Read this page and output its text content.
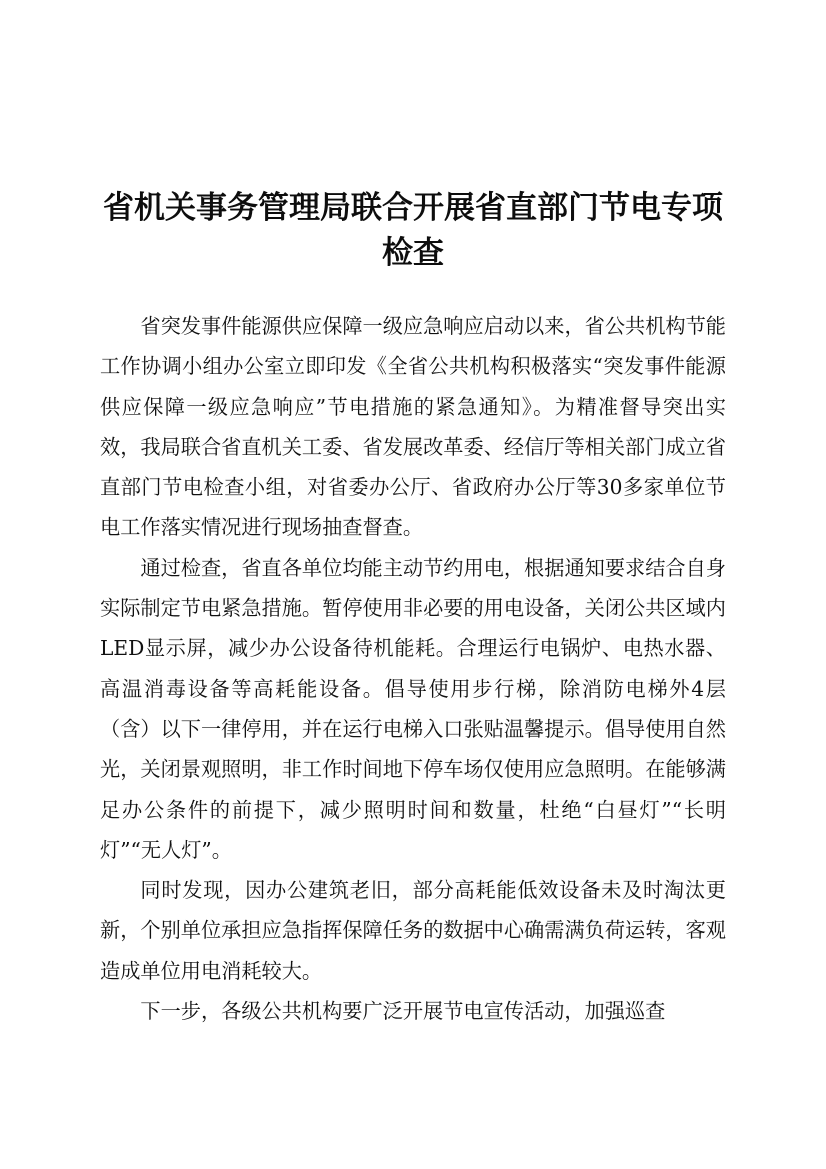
省机关事务管理局联合开展省直部门节电专项检查

省突发事件能源供应保障一级应急响应启动以来，省公共机构节能工作协调小组办公室立即印发《全省公共机构积极落实“突发事件能源供应保障一级应急响应”节电措施的紧急通知》。为精准督导突出实效，我局联合省直机关工委、省发展改革委、经信厅等相关部门成立省直部门节电检查小组，对省委办公厅、省政府办公厅等30多家单位节电工作落实情况进行现场抽查督查。

通过检查，省直各单位均能主动节约用电，根据通知要求结合自身实际制定节电紧急措施。暂停使用非必要的用电设备，关闭公共区域内LED显示屏，减少办公设备待机能耗。合理运行电锅炉、电热水器、高温消毒设备等高耗能设备。倡导使用步行梯，除消防电梯外4层（含）以下一律停用，并在运行电梯入口张贴温馨提示。倡导使用自然光，关闭景观照明，非工作时间地下停车场仅使用应急照明。在能够满足办公条件的前提下，减少照明时间和数量，杜绝“白昼灯”“长明灯”“无人灯”。

同时发现，因办公建筑老旧，部分高耗能低效设备未及时淘汰更新，个别单位承担应急指挥保障任务的数据中心确需满负荷运转，客观造成单位用电消耗较大。

下一步，各级公共机构要广泛开展节电宣传活动，加强巡查
